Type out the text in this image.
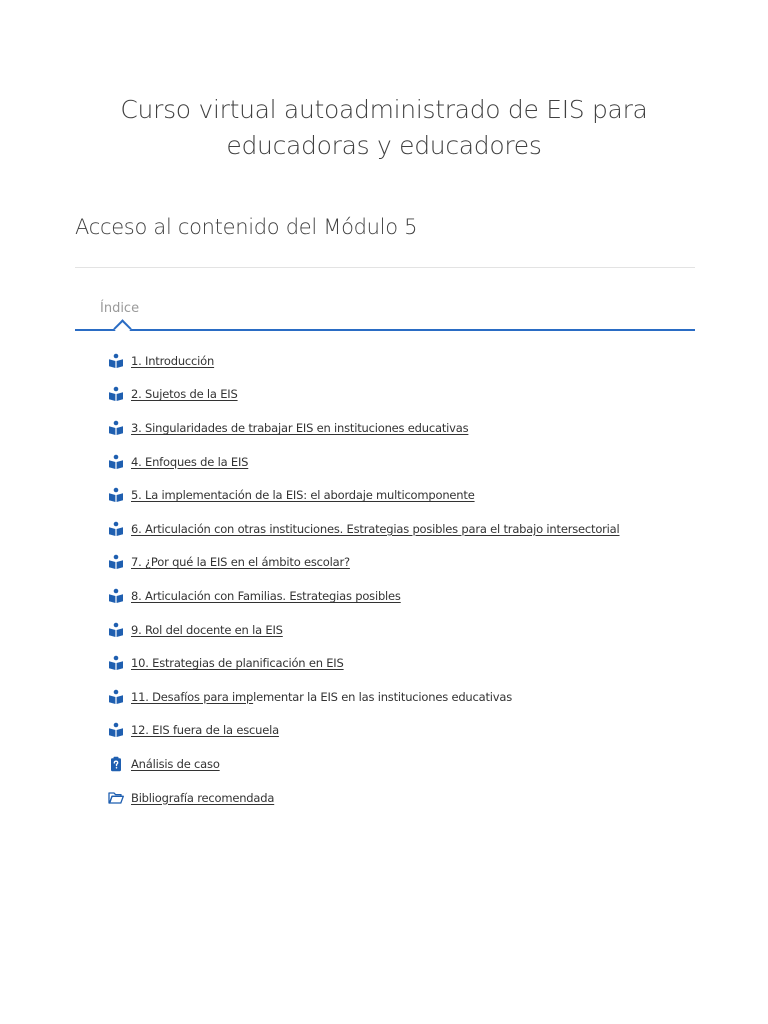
Curso virtual autoadministrado de EIS para educadoras y educadores
Acceso al contenido del Módulo 5
Índice
1. Introducción
2. Sujetos de la EIS
3. Singularidades de trabajar EIS en instituciones educativas
4. Enfoques de la EIS
5. La implementación de la EIS: el abordaje multicomponente
6. Articulación con otras instituciones. Estrategias posibles para el trabajo intersectorial
7. ¿Por qué la EIS en el ámbito escolar?
8. Articulación con Familias. Estrategias posibles
9. Rol del docente en la EIS
10. Estrategias de planificación en EIS
11. Desafíos para imp lementar la EIS en las instituciones educativas
12. EIS fuera de la escuela
Análisis de caso
Bibliografía recomendada
